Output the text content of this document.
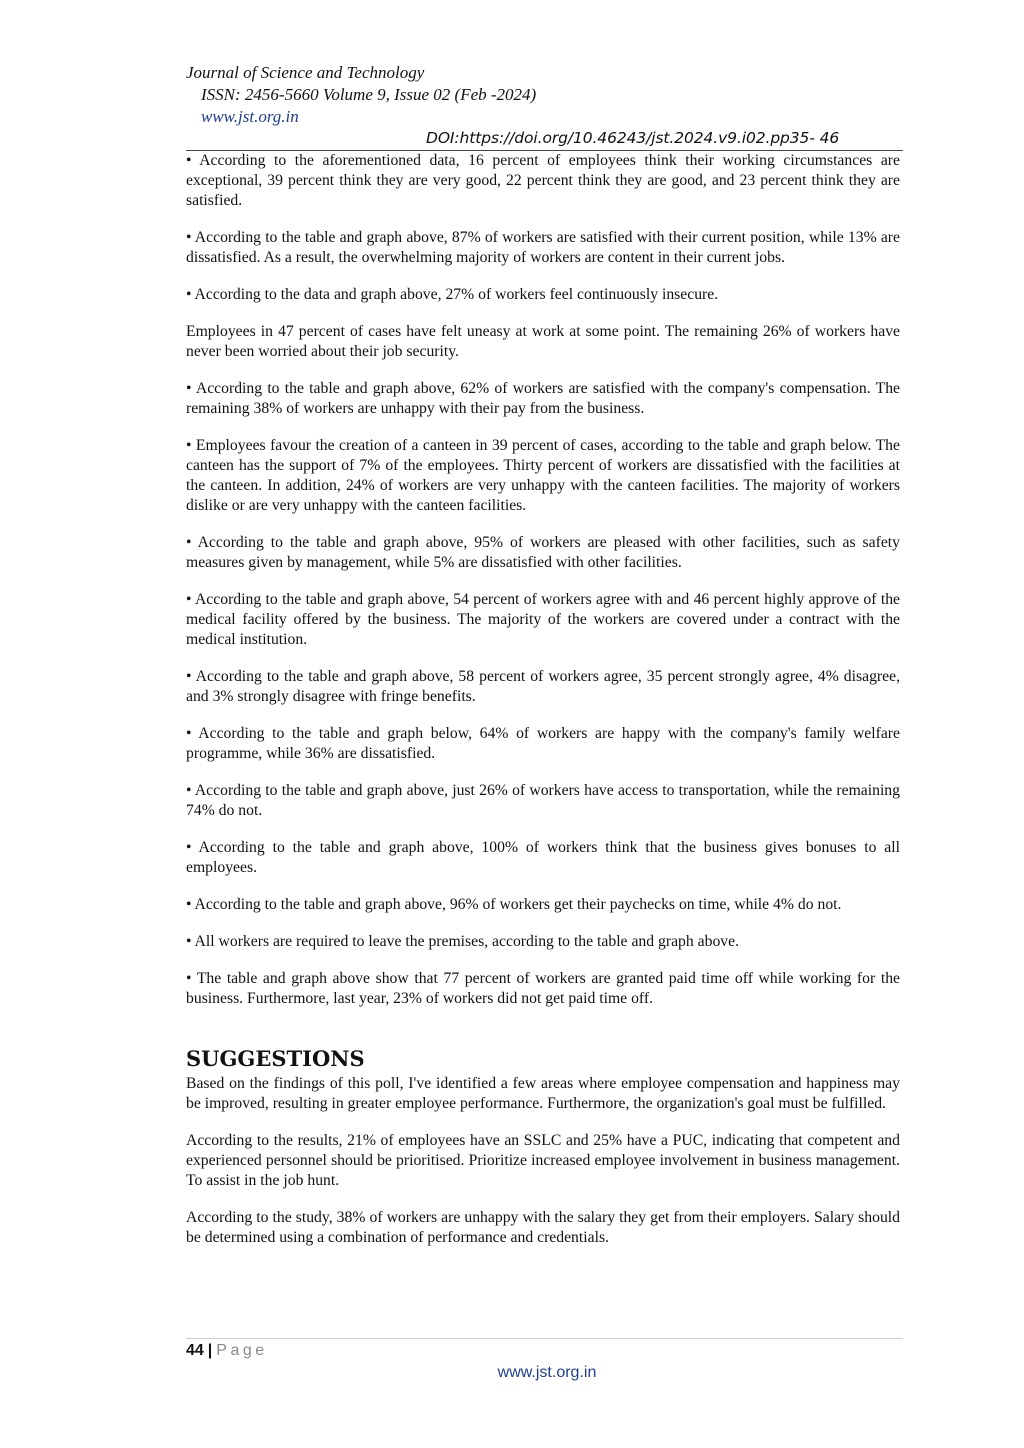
Journal of Science and Technology
ISSN: 2456-5660 Volume 9, Issue 02 (Feb -2024)
www.jst.org.in
DOI:https://doi.org/10.46243/jst.2024.v9.i02.pp35- 46

• According to the aforementioned data, 16 percent of employees think their working circumstances are exceptional, 39 percent think they are very good, 22 percent think they are good, and 23 percent think they are satisfied.

• According to the table and graph above, 87% of workers are satisfied with their current position, while 13% are dissatisfied. As a result, the overwhelming majority of workers are content in their current jobs.

• According to the data and graph above, 27% of workers feel continuously insecure.

Employees in 47 percent of cases have felt uneasy at work at some point. The remaining 26% of workers have never been worried about their job security.

• According to the table and graph above, 62% of workers are satisfied with the company's compensation. The remaining 38% of workers are unhappy with their pay from the business.

• Employees favour the creation of a canteen in 39 percent of cases, according to the table and graph below. The canteen has the support of 7% of the employees. Thirty percent of workers are dissatisfied with the facilities at the canteen. In addition, 24% of workers are very unhappy with the canteen facilities. The majority of workers dislike or are very unhappy with the canteen facilities.

• According to the table and graph above, 95% of workers are pleased with other facilities, such as safety measures given by management, while 5% are dissatisfied with other facilities.

• According to the table and graph above, 54 percent of workers agree with and 46 percent highly approve of the medical facility offered by the business. The majority of the workers are covered under a contract with the medical institution.

• According to the table and graph above, 58 percent of workers agree, 35 percent strongly agree, 4% disagree, and 3% strongly disagree with fringe benefits.

• According to the table and graph below, 64% of workers are happy with the company's family welfare programme, while 36% are dissatisfied.

• According to the table and graph above, just 26% of workers have access to transportation, while the remaining 74% do not.

• According to the table and graph above, 100% of workers think that the business gives bonuses to all employees.

• According to the table and graph above, 96% of workers get their paychecks on time, while 4% do not.

• All workers are required to leave the premises, according to the table and graph above.

• The table and graph above show that 77 percent of workers are granted paid time off while working for the business. Furthermore, last year, 23% of workers did not get paid time off.

SUGGESTIONS

Based on the findings of this poll, I've identified a few areas where employee compensation and happiness may be improved, resulting in greater employee performance. Furthermore, the organization's goal must be fulfilled.

According to the results, 21% of employees have an SSLC and 25% have a PUC, indicating that competent and experienced personnel should be prioritised. Prioritize increased employee involvement in business management. To assist in the job hunt.

According to the study, 38% of workers are unhappy with the salary they get from their employers. Salary should be determined using a combination of performance and credentials.

44 | Page
www.jst.org.in
